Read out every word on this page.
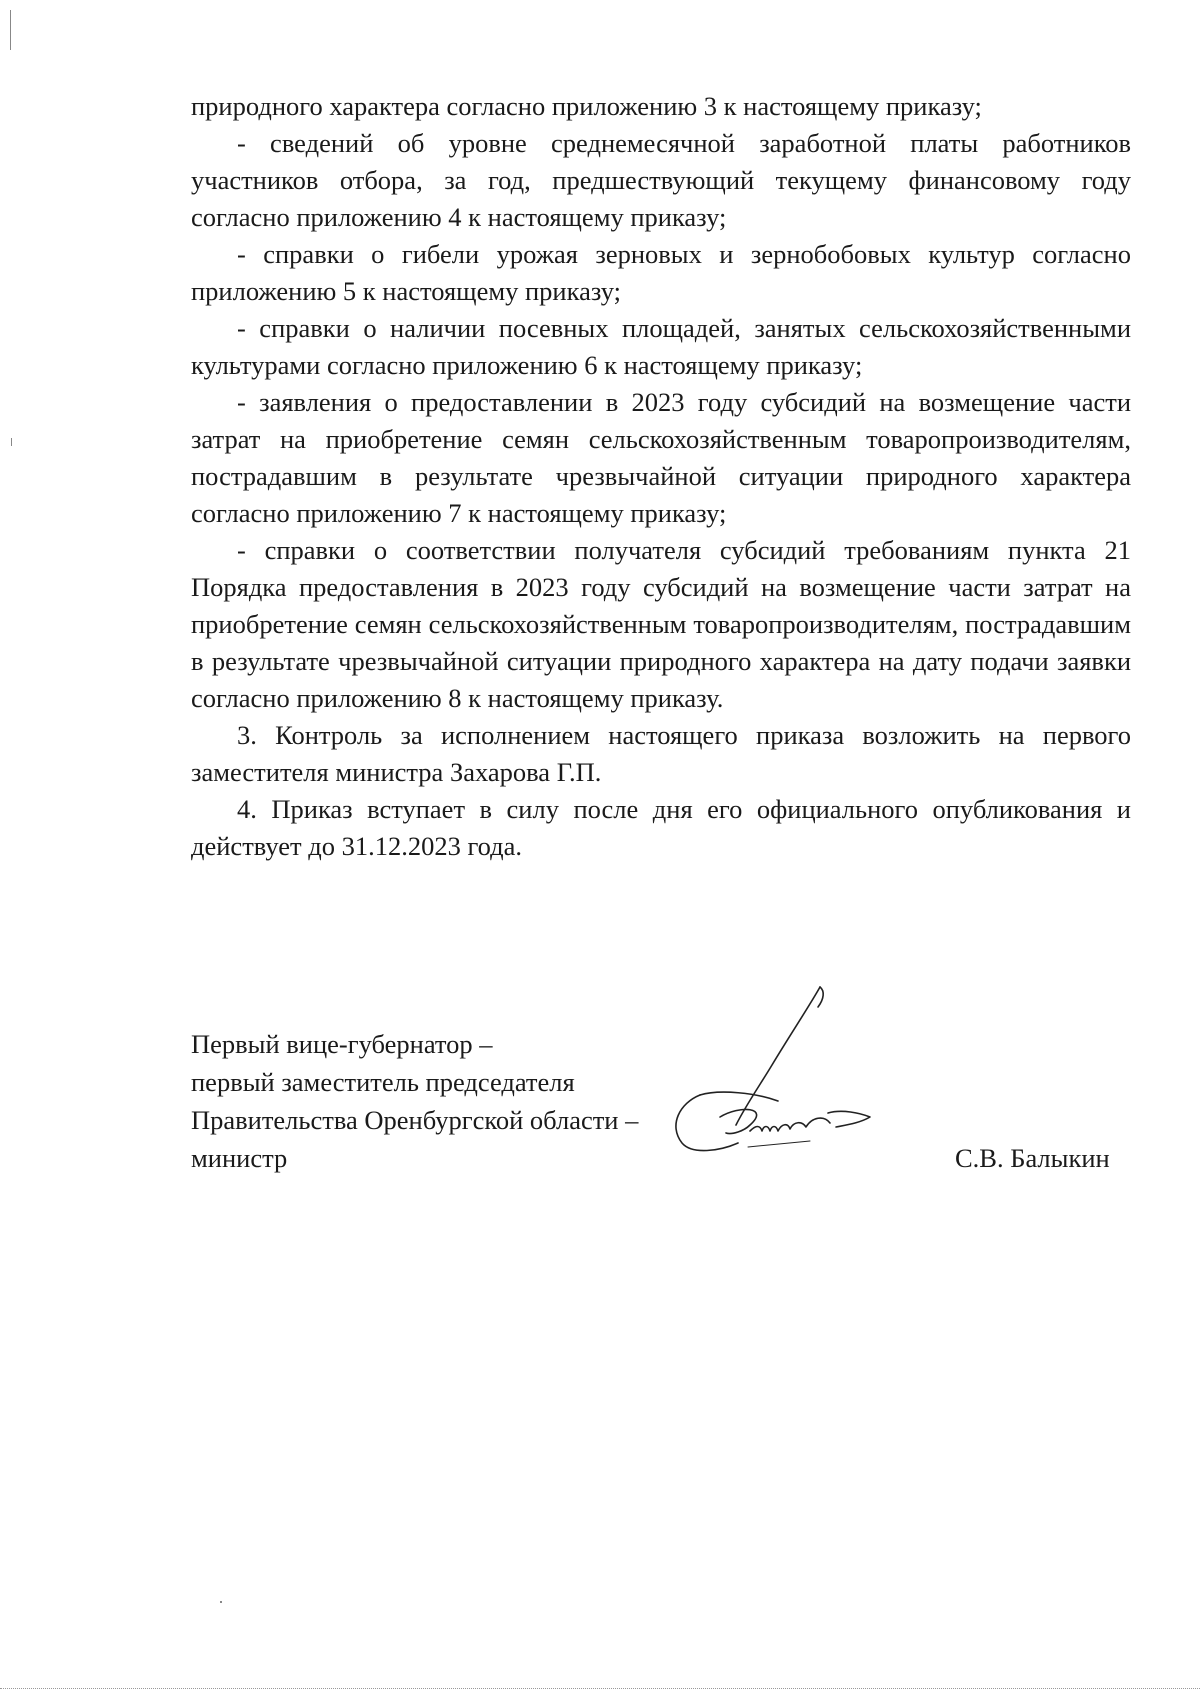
природного характера согласно приложению 3 к настоящему приказу;

- сведений об уровне среднемесячной заработной платы работников участников отбора, за год, предшествующий текущему финансовому году согласно приложению 4 к настоящему приказу;

- справки о гибели урожая зерновых и зернобобовых культур согласно приложению 5 к настоящему приказу;

- справки о наличии посевных площадей, занятых сельскохозяйственными культурами согласно приложению 6 к настоящему приказу;

- заявления о предоставлении в 2023 году субсидий на возмещение части затрат на приобретение семян сельскохозяйственным товаропроизводителям, пострадавшим в результате чрезвычайной ситуации природного характера согласно приложению 7 к настоящему приказу;

- справки о соответствии получателя субсидий требованиям пункта 21 Порядка предоставления в 2023 году субсидий на возмещение части затрат на приобретение семян сельскохозяйственным товаропроизводителям, пострадавшим в результате чрезвычайной ситуации природного характера на дату подачи заявки согласно приложению 8 к настоящему приказу.

3. Контроль за исполнением настоящего приказа возложить на первого заместителя министра Захарова Г.П.

4. Приказ вступает в силу после дня его официального опубликования и действует до 31.12.2023 года.

Первый вице-губернатор –
первый заместитель председателя
Правительства Оренбургской области –
министр	С.В. Балыкин
